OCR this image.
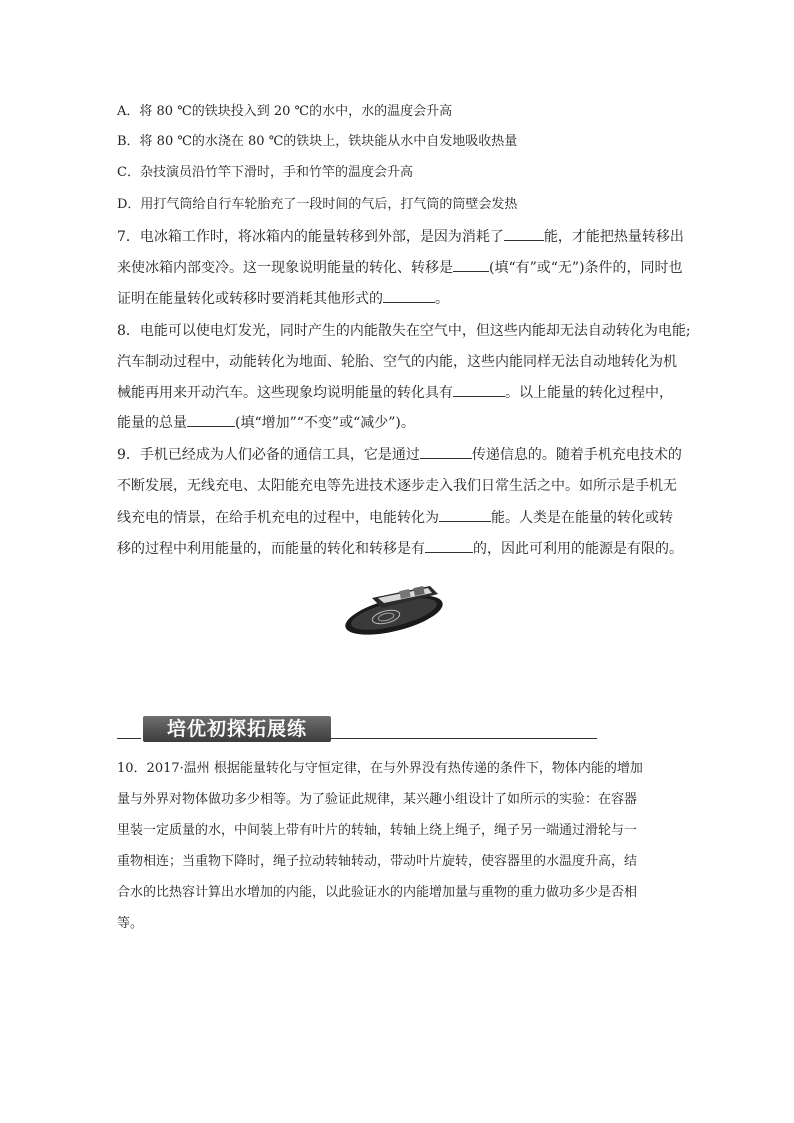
A．将 80 ℃的铁块投入到 20 ℃的水中，水的温度会升高
B．将 80 ℃的水浇在 80 ℃的铁块上，铁块能从水中自发地吸收热量
C．杂技演员沿竹竿下滑时，手和竹竿的温度会升高
D．用打气筒给自行车轮胎充了一段时间的气后，打气筒的筒壁会发热
7．电冰箱工作时，将冰箱内的能量转移到外部，是因为消耗了	能，才能把热量转移出
来使冰箱内部变冷。这一现象说明能量的转化、转移是	(填“有”或“无”)条件的，同时也
证明在能量转化或转移时要消耗其他形式的	。
8．电能可以使电灯发光，同时产生的内能散失在空气中，但这些内能却无法自动转化为电能;
汽车制动过程中，动能转化为地面、轮胎、空气的内能，这些内能同样无法自动地转化为机
械能再用来开动汽车。这些现象均说明能量的转化具有	。以上能量的转化过程中，
能量的总量	(填“增加”“不变”或“减少”)。
9．手机已经成为人们必备的通信工具，它是通过	传递信息的。随着手机充电技术的
不断发展，无线充电、太阳能充电等先进技术逐步走入我们日常生活之中。如所示是手机无
线充电的情景，在给手机充电的过程中，电能转化为	能。人类是在能量的转化或转
移的过程中利用能量的，而能量的转化和转移是有	的，因此可利用的能源是有限的。
培优初探拓展练
10．2017·温州 根据能量转化与守恒定律，在与外界没有热传递的条件下，物体内能的增加
量与外界对物体做功多少相等。为了验证此规律，某兴趣小组设计了如所示的实验：在容器
里装一定质量的水，中间装上带有叶片的转轴，转轴上绕上绳子，绳子另一端通过滑轮与一
重物相连；当重物下降时，绳子拉动转轴转动，带动叶片旋转，使容器里的水温度升高，结
合水的比热容计算出水增加的内能，以此验证水的内能增加量与重物的重力做功多少是否相
等。
